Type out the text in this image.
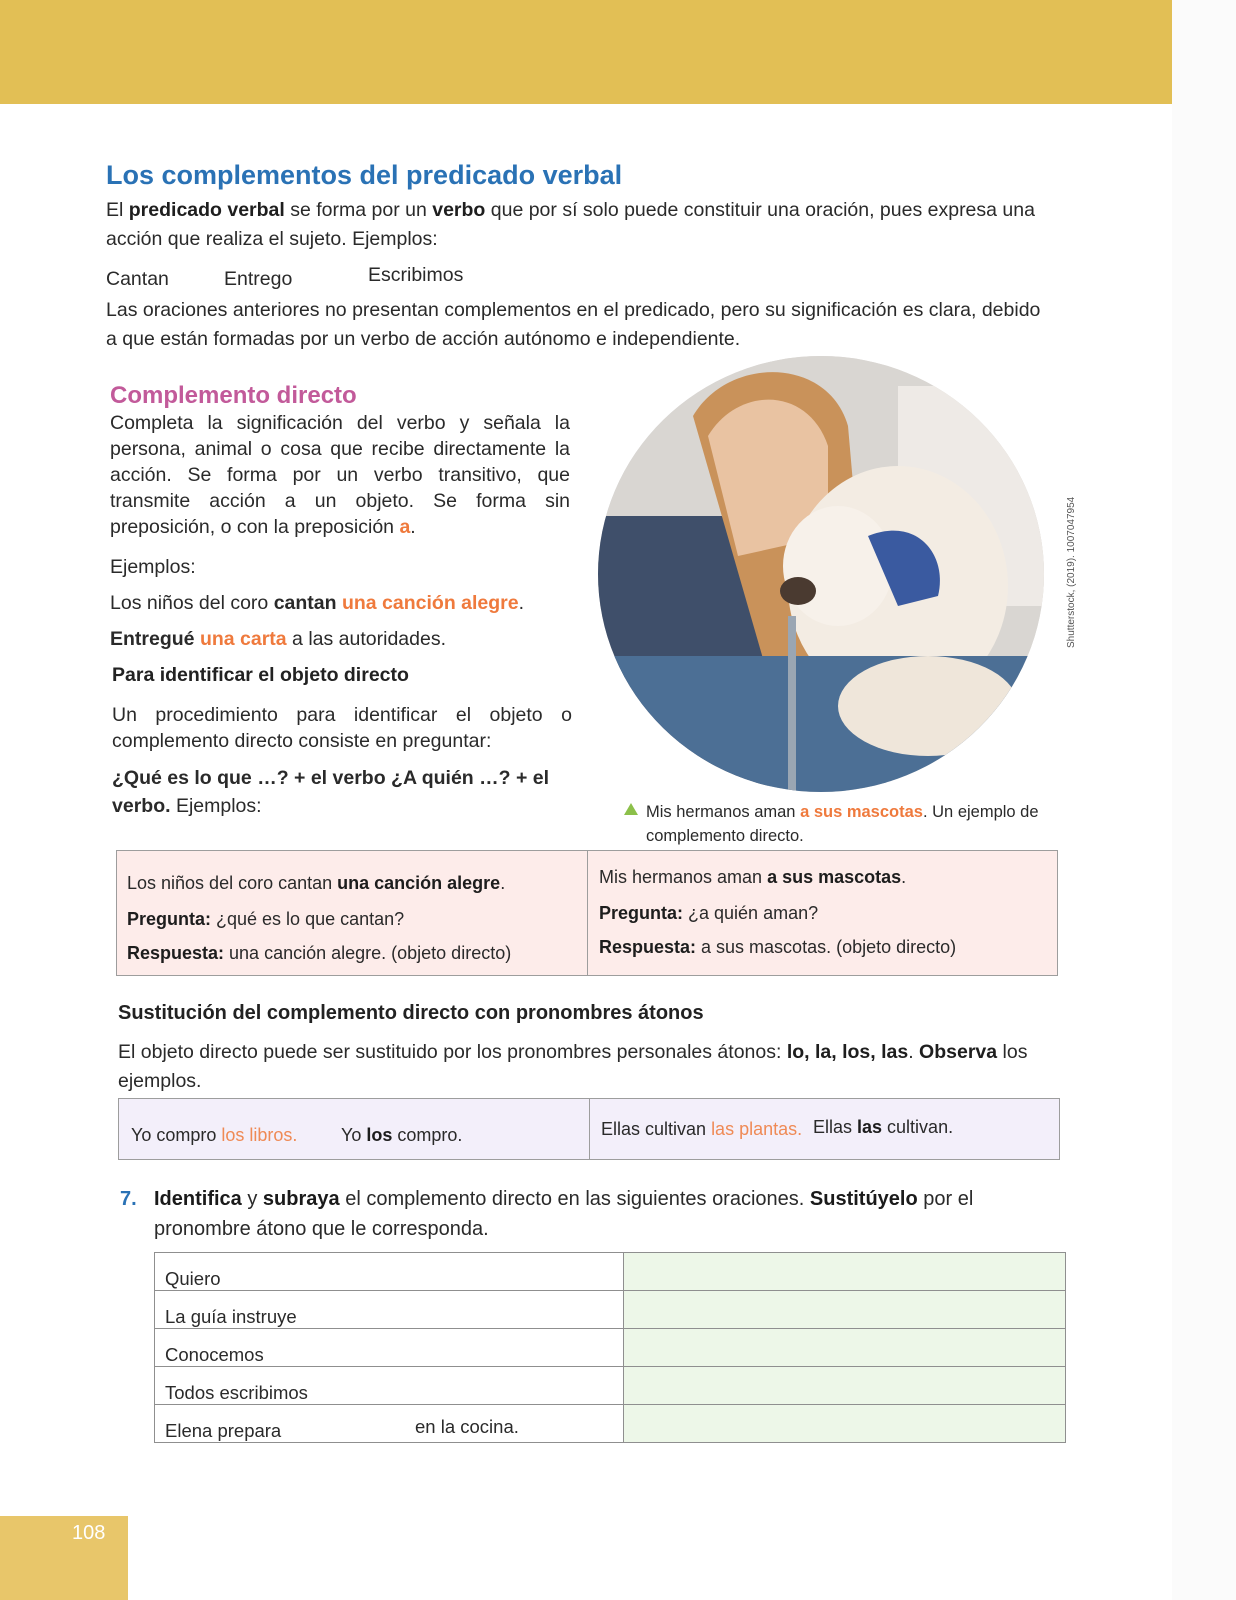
Los complementos del predicado verbal

El predicado verbal se forma por un verbo que por sí solo puede constituir una oración, pues expresa una acción que realiza el sujeto. Ejemplos:

Cantan	Entrego	Escribimos

Las oraciones anteriores no presentan complementos en el predicado, pero su significación es clara, debido a que están formadas por un verbo de acción autónomo e independiente.

Complemento directo

Completa la significación del verbo y señala la persona, animal o cosa que recibe directamente la acción. Se forma por un verbo transitivo, que transmite acción a un objeto. Se forma sin preposición, o con la preposición a.

Ejemplos:

Los niños del coro cantan una canción alegre.

Entregué una carta a las autoridades.

Para identificar el objeto directo

Un procedimiento para identificar el objeto o complemento directo consiste en preguntar:

¿Qué es lo que …? + el verbo ¿A quién …? + el verbo. Ejemplos:

Shutterstock, (2019). 1007047954
Mis hermanos aman a sus mascotas. Un ejemplo de complemento directo.
Los niños del coro cantan una canción alegre.
Pregunta: ¿qué es lo que cantan?
Respuesta: una canción alegre. (objeto directo)
Mis hermanos aman a sus mascotas.
Pregunta: ¿a quién aman?
Respuesta: a sus mascotas. (objeto directo)
Sustitución del complemento directo con pronombres átonos

El objeto directo puede ser sustituido por los pronombres personales átonos: lo, la, los, las. Observa los ejemplos.

Yo compro los libros. Yo los compro.	Ellas cultivan las plantas. Ellas las cultivan.
7. Identifica y subraya el complemento directo en las siguientes oraciones. Sustitúyelo por el pronombre átono que le corresponda.
Quiero	
La guía instruye	
Conocemos	
Todos escribimos	
Elena prepara en la cocina.	

108
